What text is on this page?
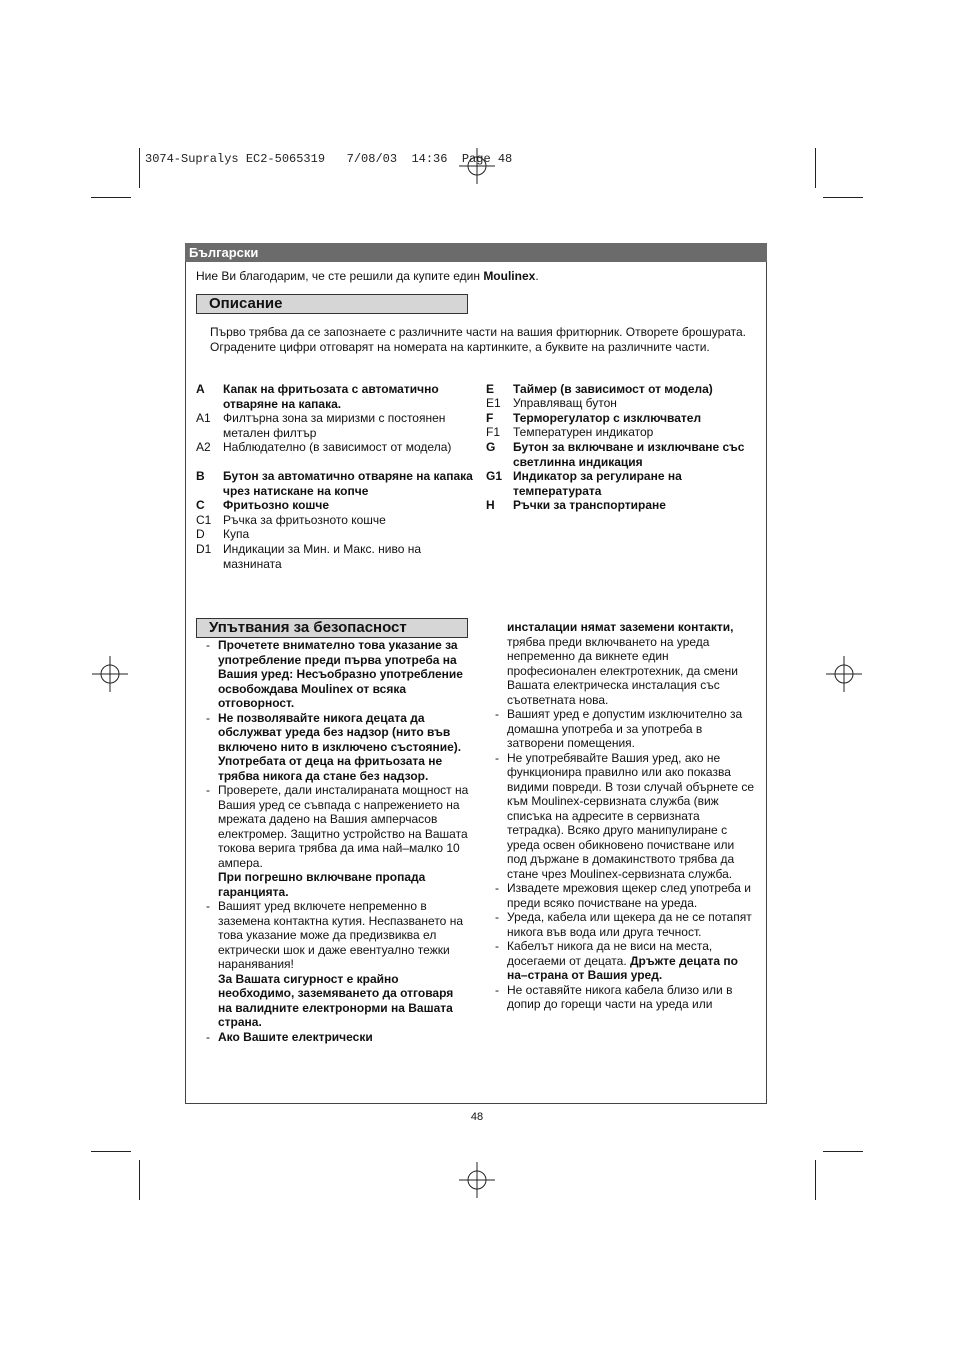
3074-Supralys EC2-5065319   7/08/03  14:36  Page 48
Български
Ние Ви благодарим, че сте решили да купите един Moulinex.
Описание
Първо трябва да се запознаете с различните части на вашия фритюрник. Отворете брошурата. Оградените цифри отговарят на номерата на картинките, а буквите на различните части.
A Капак на фритьозата с автоматично отваряне на капака.
A1 Филтърна зона за миризми с постоянен метален филтър
A2 Наблюдателно (в зависимост от модела)
B Бутон за автоматично отваряне на капака чрез натискане на копче
C Фритьозно кошче
C1 Ръчка за фритьозното кошче
D Купа
D1 Индикации за Мин. и Макс. ниво на мазнината
E Таймер (в зависимост от модела)
E1 Управляващ бутон
F Терморегулатор с изключвател
F1 Температурен индикатор
G Бутон за включване и изключване със светлинна индикация
G1 Индикатор за регулиране на температурата
H Ръчки за транспортиране
Упътвания за безопасност
- Прочетете внимателно това указание за употребление преди първа употреба на Вашия уред: Несъобразно употребление освобождава Moulinex от всяка отговорност.
- Не позволявайте никога децата да обслужват уреда без надзор (нито във включено нито в изключено състояние). Употребата от деца на фритьозата не трябва никога да стане без надзор.
- Проверете, дали инсталираната мощност на Вашия уред се съвпада с напрежението на мрежата дадено на Вашия амперчасов електромер. Защитно устройство на Вашата токова верига трябва да има най–малко 10 ампера.
При погрешно включване пропада гаранцията.
- Вашият уред включете непременно в заземена контактна кутия. Неспазването на това указание може да предизвиква ел ектрически шок и даже евентуално тежки наранявания!
За Вашата сигурност е крайно необходимо, заземяването да отговаря на валидните електронорми на Вашата страна.
- Ако Вашите електрически
инсталации нямат заземени контакти, трябва преди включването на уреда непременно да викнете един професионален електротехник, да смени Вашата електрическа инсталация със съответната нова.
- Вашият уред е допустим изключително за домашна употреба и за употреба в затворени помещения.
- Не употребявайте Вашия уред, ако не функционира правилно или ако показва видими повреди. В този случай обърнете се към Moulinex-сервизната служба (виж списъка на адресите в сервизната тетрадка). Всяко друго манипулиране с уреда освен обикновено почистване или под държане в домакинството трябва да стане чрез Moulinex-сервизната служба.
- Извадете мрежовия щекер след употреба и преди всяко почистване на уреда.
- Уреда, кабела или щекера да не се потапят никога във вода или друга течност.
- Кабелът никога да не виси на места, досегаеми от децата. Дръжте децата по на–страна от Вашия уред.
- Не оставяйте никога кабела близо или в допир до горещи части на уреда или
48
